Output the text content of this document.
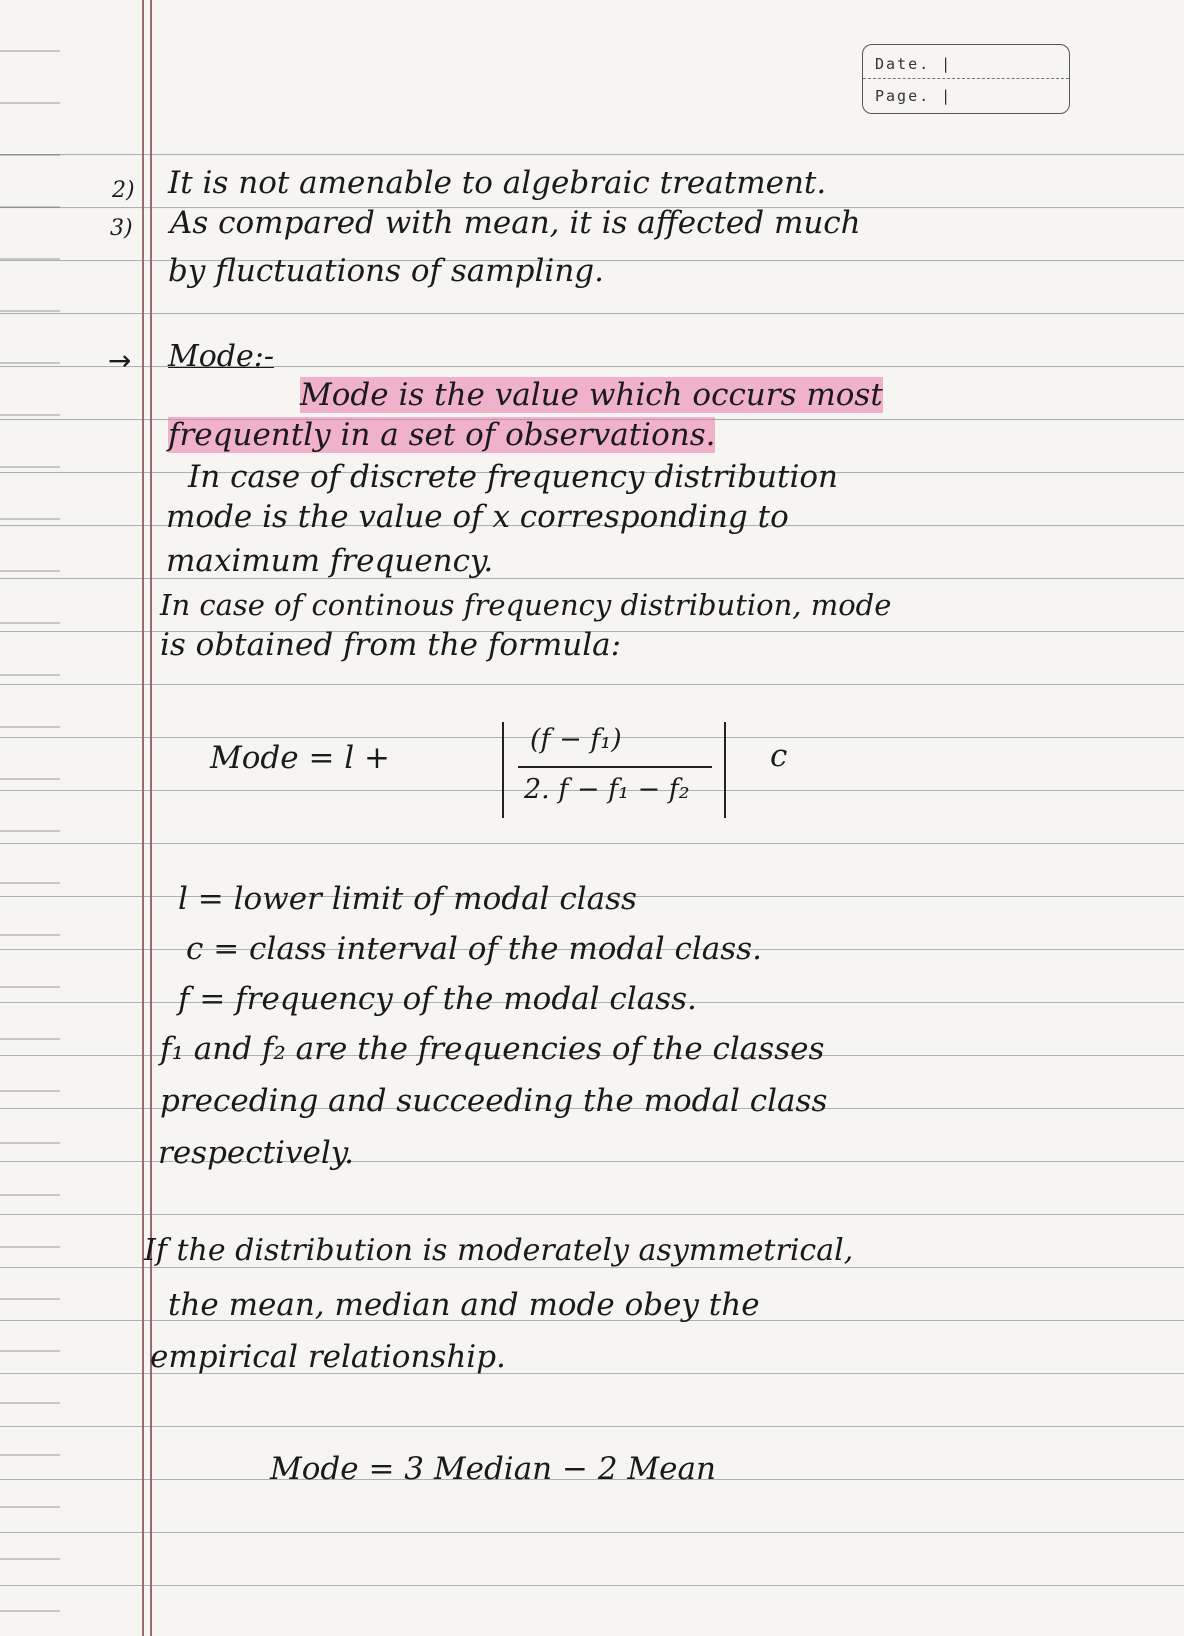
Date. |
Page. |
2) It is not amenable to algebraic treatment.
3) As compared with mean, it is affected much
by fluctuations of sampling.
→ Mode:-
Mode is the value which occurs most
frequently in a set of observations.
In case of discrete frequency distribution
mode is the value of x corresponding to
maximum frequency.
In case of continous frequency distribution, mode
is obtained from the formula:
Mode = l +
(f − f₁)
2. f − f₁ − f₂
c
l = lower limit of modal class
c = class interval of the modal class.
f = frequency of the modal class.
f₁ and f₂ are the frequencies of the classes
preceding and succeeding the modal class
respectively.
If the distribution is moderately asymmetrical,
the mean, median and mode obey the
empirical relationship.
Mode = 3 Median − 2 Mean
